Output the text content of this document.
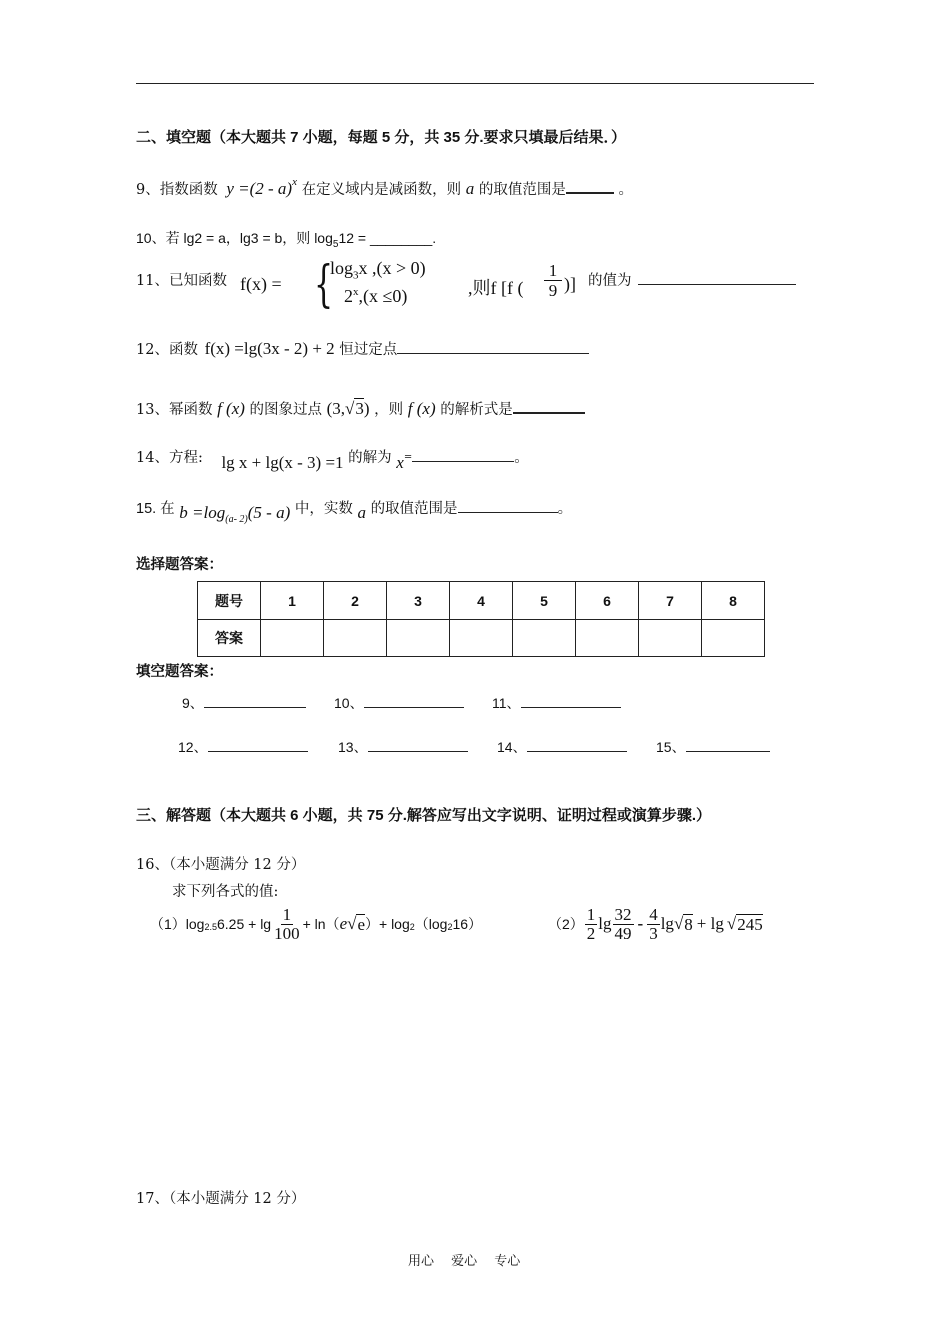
二、填空题（本大题共 7 小题，每题 5 分，共 35 分.要求只填最后结果．）
9、指数函数 y =(2 - a)$^x$ 在定义域内是减函数，则 a 的取值范围是	。
10、若 lg2 = a，lg3 = b，则 $\log_512$ = ________.
11、已知函数 f(x) = {
$\log_3x$ ,(x > 0)
$2^x,(x \le 0)$	,则f [f (
1
9 )] 的值为
12、函数 f(x) =lg(3x - 2) + 2 恒过定点
13、幂函数 f (x) 的图象过点 (3,√3) ，则 f (x) 的解析式是
14、方程: lg x + lg(x - 3) =1 的解为 x=	。
15. 在 $b =\log_{(a- 2)}(5 - a)$ 中，实数 a 的取值范围是	。
选择题答案：
题号	1	2	3	4	5	6	7	8
答案								
填空题答案：
9、	10、	11、
12、	13、	14、	15、
三、解答题（本大题共 6 小题，共 75 分.解答应写出文字说明、证明过程或演算步骤.）
16、（本小题满分 12 分）
求下列各式的值:
$(1)\log_{2.5}$ $6.25 + \lg \frac{1}{100} + \ln$（ e √ e ）+ $\log_2 (\log_2$ 16）	$(2) \frac{1}{2}$ $\lg \frac{32}{49} - \frac{4}{3}$ lg √ 8 + lg √ 245
17、（本小题满分 12 分）
用心　 爱心　 专心
